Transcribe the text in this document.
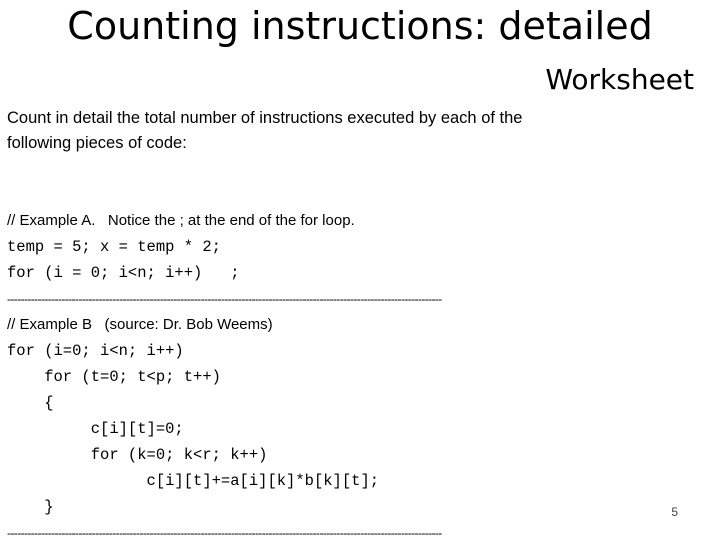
Counting instructions: detailed
Worksheet
Count in detail the total number of instructions executed by each of the
following pieces of code:
// Example A.   Notice the ; at the end of the for loop.
temp = 5; x = temp * 2;
for (i = 0; i<n; i++)   ;
--------------------------------------------------------------------------------------------------------------------------------
// Example B   (source: Dr. Bob Weems)
for (i=0; i<n; i++)
for (t=0; t<p; t++)
{
c[i][t]=0;
for (k=0; k<r; k++)
c[i][t]+=a[i][k]*b[k][t];
}
--------------------------------------------------------------------------------------------------------------------------------
5
